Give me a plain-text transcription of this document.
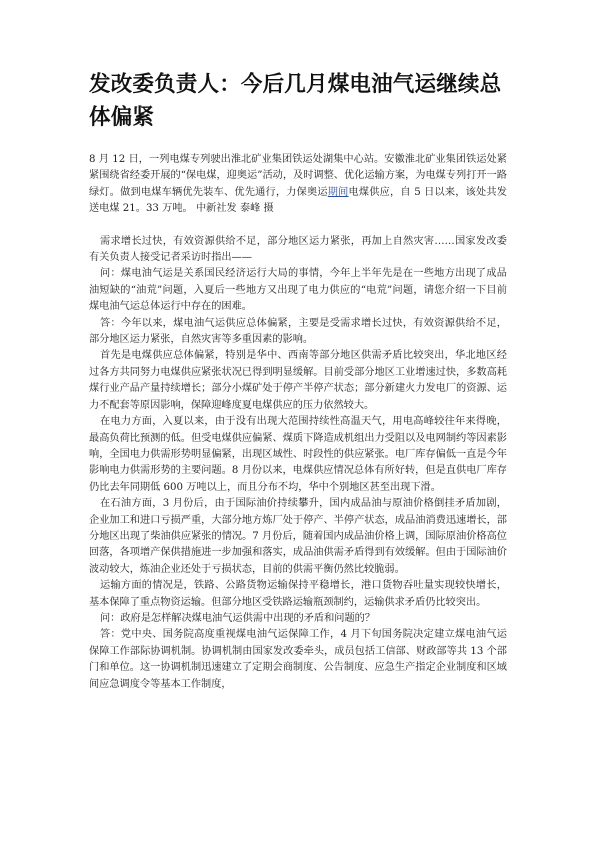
发改委负责人：今后几月煤电油气运继续总体偏紧

8 月 12 日，一列电煤专列驶出淮北矿业集团铁运处湖集中心站。安徽淮北矿业集团铁运处紧紧围绕省经委开展的“保电煤，迎奥运”活动，及时调整、优化运输方案，为电煤专列打开一路绿灯。做到电煤车辆优先装车、优先通行，力保奥运期间电煤供应，自 5 日以来，该处共发送电煤 21。33 万吨。 中新社发 泰峰 摄

需求增长过快，有效资源供给不足，部分地区运力紧张，再加上自然灾害……国家发改委有关负责人接受记者采访时指出——

问：煤电油气运是关系国民经济运行大局的事情，今年上半年先是在一些地方出现了成品油短缺的“油荒”问题，入夏后一些地方又出现了电力供应的“电荒”问题，请您介绍一下目前煤电油气运总体运行中存在的困难。

答：今年以来，煤电油气运供应总体偏紧，主要是受需求增长过快，有效资源供给不足，部分地区运力紧张，自然灾害等多重因素的影响。

首先是电煤供应总体偏紧，特别是华中、西南等部分地区供需矛盾比较突出，华北地区经过各方共同努力电煤供应紧张状况已得到明显缓解。目前受部分地区工业增速过快，多数高耗煤行业产品产量持续增长；部分小煤矿处于停产半停产状态；部分新建火力发电厂的资源、运力不配套等原因影响，保障迎峰度夏电煤供应的压力依然较大。

在电力方面，入夏以来，由于没有出现大范围持续性高温天气，用电高峰较往年来得晚，最高负荷比预测的低。但受电煤供应偏紧、煤质下降造成机组出力受阻以及电网制约等因素影响，全国电力供需形势明显偏紧，出现区域性、时段性的供应紧张。电厂库存偏低一直是今年影响电力供需形势的主要问题。8 月份以来，电煤供应情况总体有所好转，但是直供电厂库存仍比去年同期低 600 万吨以上，而且分布不均，华中个别地区甚至出现下滑。

在石油方面，3 月份后，由于国际油价持续攀升，国内成品油与原油价格倒挂矛盾加剧，企业加工和进口亏损严重，大部分地方炼厂处于停产、半停产状态，成品油消费迅速增长，部分地区出现了柴油供应紧张的情况。7 月份后，随着国内成品油价格上调，国际原油价格高位回落，各项增产保供措施进一步加强和落实，成品油供需矛盾得到有效缓解。但由于国际油价波动较大，炼油企业还处于亏损状态，目前的供需平衡仍然比较脆弱。

运输方面的情况是，铁路、公路货物运输保持平稳增长，港口货物吞吐量实现较快增长，基本保障了重点物资运输。但部分地区受铁路运输瓶颈制约，运输供求矛盾仍比较突出。

问：政府是怎样解决煤电油气运供需中出现的矛盾和问题的？

答：党中央、国务院高度重视煤电油气运保障工作，4 月下旬国务院决定建立煤电油气运保障工作部际协调机制。协调机制由国家发改委牵头，成员包括工信部、财政部等共 13 个部门和单位。这一协调机制迅速建立了定期会商制度、公告制度、应急生产指定企业制度和区域间应急调度令等基本工作制度，
